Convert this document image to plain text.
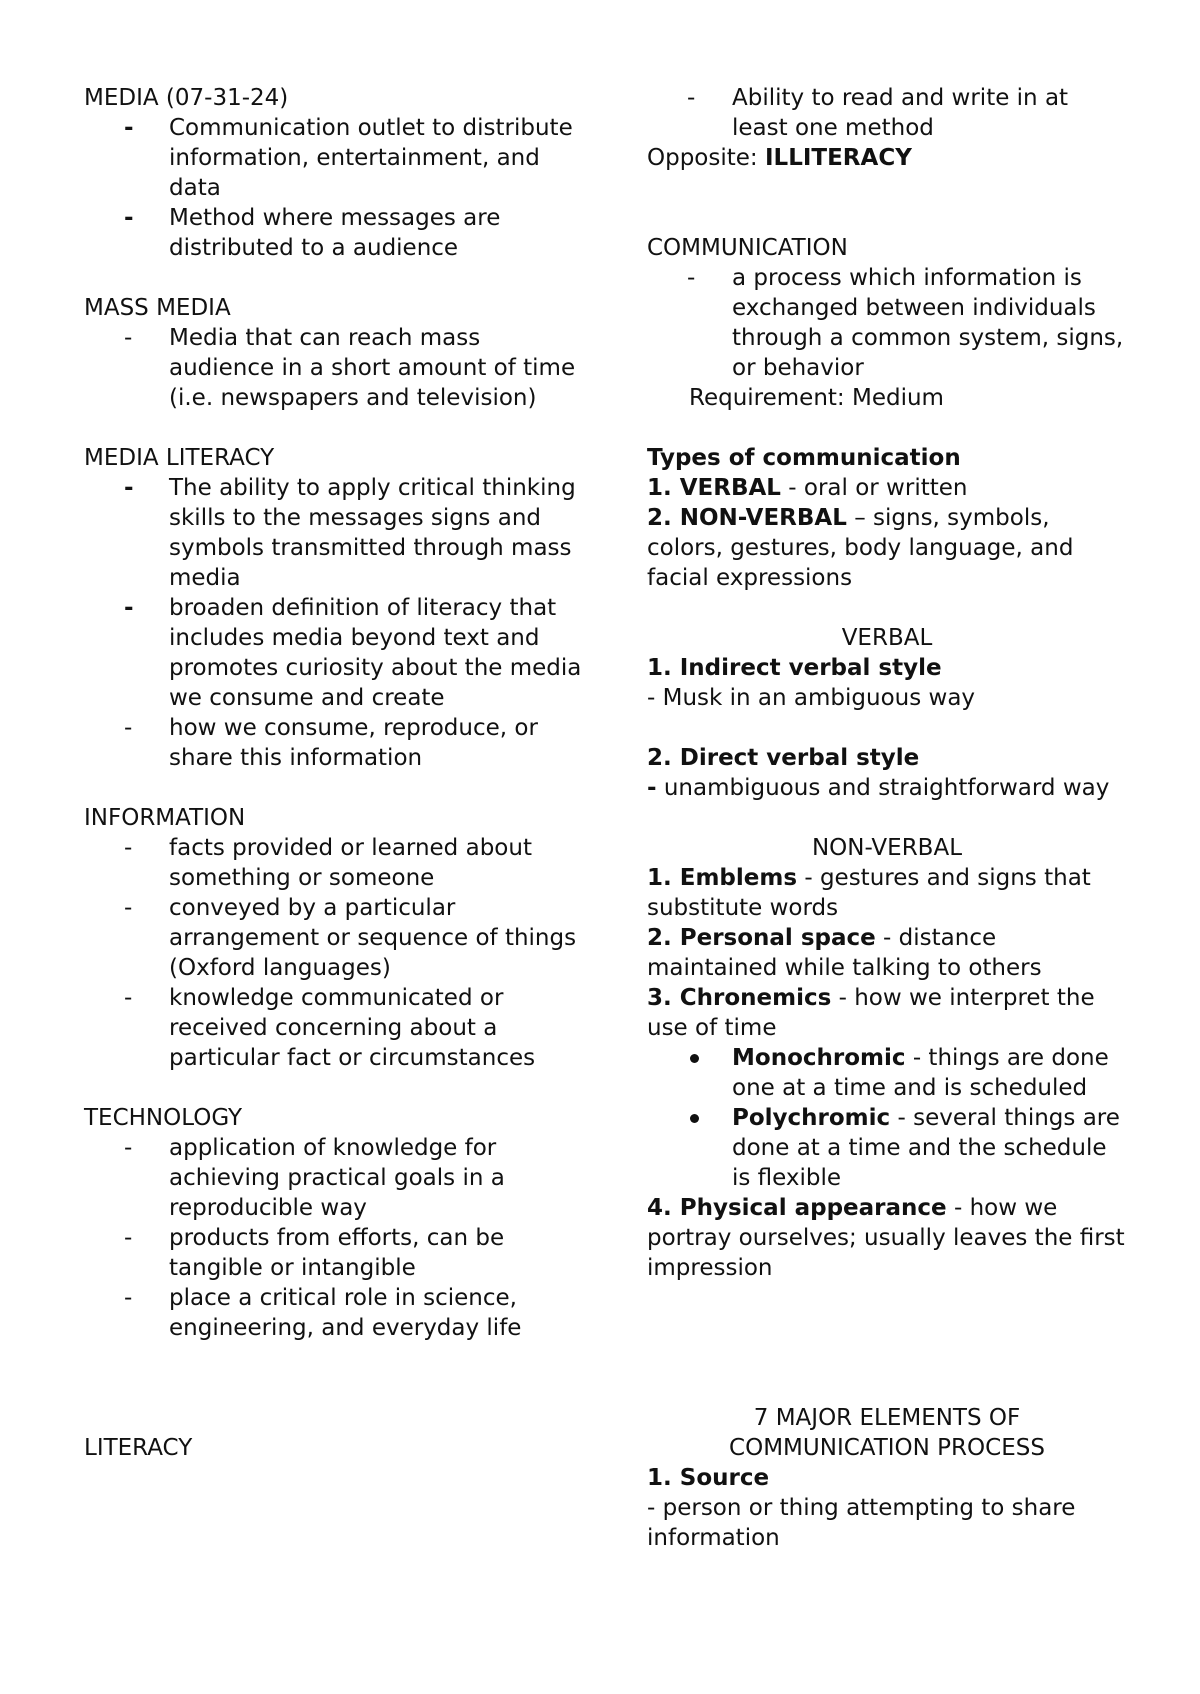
MEDIA (07-31-24)
-	Communication outlet to distribute information, entertainment, and data
-	Method where messages are distributed to a audience
MASS MEDIA
-	Media that can reach mass audience in a short amount of time (i.e. newspapers and television)
MEDIA LITERACY
-	The ability to apply critical thinking skills to the messages signs and symbols transmitted through mass media
-	broaden definition of literacy that includes media beyond text and promotes curiosity about the media
we consume and create
-	how we consume, reproduce, or share this information
INFORMATION
-	facts provided or learned about something or someone
-	conveyed by a particular arrangement or sequence of things (Oxford languages)
-	knowledge communicated or received concerning about a particular fact or circumstances
TECHNOLOGY
-	application of knowledge for achieving practical goals in a reproducible way
-	products from efforts, can be tangible or intangible
-	place a critical role in science, engineering, and everyday life
LITERACY
- Ability to read and write in at least one method
Opposite: ILLITERACY
COMMUNICATION
- a process which information is exchanged between individuals through a common system, signs, or behavior
Requirement: Medium
Types of communication
1. VERBAL - oral or written
2. NON-VERBAL – signs, symbols, colors, gestures, body language, and facial expressions
VERBAL
1. Indirect verbal style
- Musk in an ambiguous way
2. Direct verbal style
- unambiguous and straightforward way
NON-VERBAL
1. Emblems - gestures and signs that substitute words
2. Personal space - distance maintained while talking to others
3. Chronemics - how we interpret the use of time
Monochromic - things are done one at a time and is scheduled
Polychromic - several things are done at a time and the schedule is flexible
4. Physical appearance - how we portray ourselves; usually leaves the first impression
7 MAJOR ELEMENTS OF
COMMUNICATION PROCESS
1. Source
- person or thing attempting to share information
